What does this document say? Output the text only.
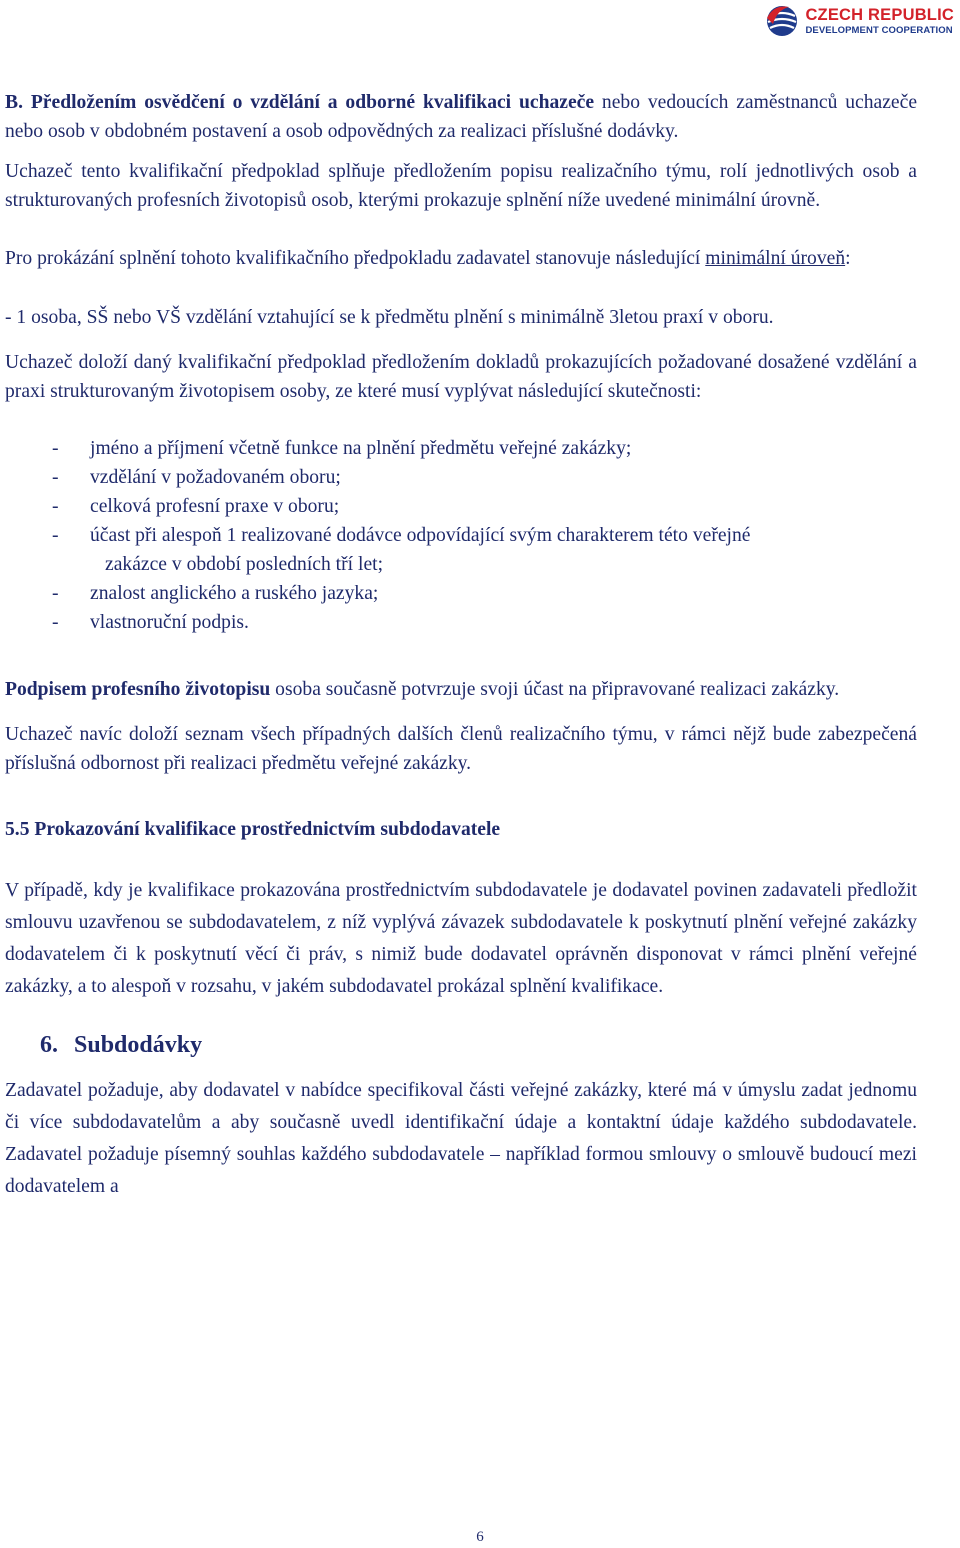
CZECH REPUBLIC
DEVELOPMENT COOPERATION

B. Předložením osvědčení o vzdělání a odborné kvalifikaci uchazeče nebo vedoucích zaměstnanců uchazeče nebo osob v obdobném postavení a osob odpovědných za realizaci příslušné dodávky.

Uchazeč tento kvalifikační předpoklad splňuje předložením popisu realizačního týmu, rolí jednotlivých osob a strukturovaných profesních životopisů osob, kterými prokazuje splnění níže uvedené minimální úrovně.

Pro prokázání splnění tohoto kvalifikačního předpokladu zadavatel stanovuje následující minimální úroveň:

- 1 osoba, SŠ nebo VŠ vzdělání vztahující se k předmětu plnění s minimálně 3letou praxí v oboru.

Uchazeč doloží daný kvalifikační předpoklad předložením dokladů prokazujících požadované dosažené vzdělání a praxi strukturovaným životopisem osoby, ze které musí vyplývat následující skutečnosti:

- jméno a příjmení včetně funkce na plnění předmětu veřejné zakázky;
- vzdělání v požadovaném oboru;
- celková profesní praxe v oboru;
- účast při alespoň 1 realizované dodávce odpovídající svým charakterem této veřejné
zakázce v období posledních tří let;
- znalost anglického a ruského jazyka;
- vlastnoruční podpis.

Podpisem profesního životopisu osoba současně potvrzuje svoji účast na připravované realizaci zakázky.

Uchazeč navíc doloží seznam všech případných dalších členů realizačního týmu, v rámci nějž bude zabezpečená příslušná odbornost při realizaci předmětu veřejné zakázky.

5.5 Prokazování kvalifikace prostřednictvím subdodavatele

V případě, kdy je kvalifikace prokazována prostřednictvím subdodavatele je dodavatel povinen zadavateli předložit smlouvu uzavřenou se subdodavatelem, z níž vyplývá závazek subdodavatele k poskytnutí plnění veřejné zakázky dodavatelem či k poskytnutí věcí či práv, s nimiž bude dodavatel oprávněn disponovat v rámci plnění veřejné zakázky, a to alespoň v rozsahu, v jakém subdodavatel prokázal splnění kvalifikace.

6. Subdodávky

Zadavatel požaduje, aby dodavatel v nabídce specifikoval části veřejné zakázky, které má v úmyslu zadat jednomu či více subdodavatelům a aby současně uvedl identifikační údaje a kontaktní údaje každého subdodavatele. Zadavatel požaduje písemný souhlas každého subdodavatele – například formou smlouvy o smlouvě budoucí mezi dodavatelem a

6
